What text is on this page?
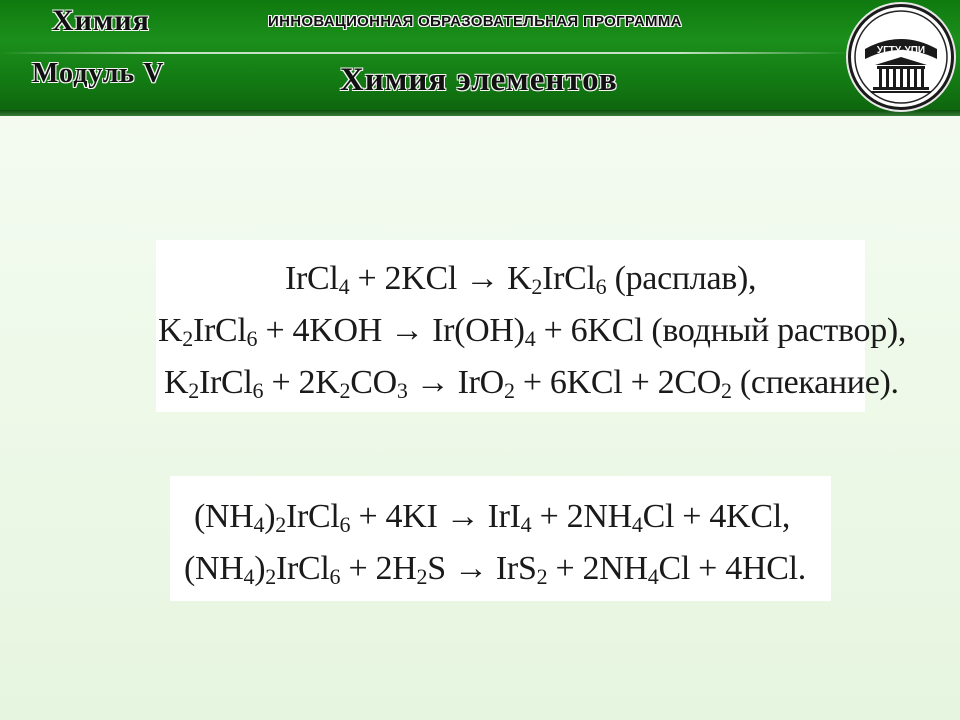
Химия	ИННОВАЦИОННАЯ ОБРАЗОВАТЕЛЬНАЯ ПРОГРАММА
Модуль V	Химия элементов
УГТУ-УПИ
IrCl$_4$ + $2KCl \to K_2IrCl_6$ (расплав),
$K_2IrCl_6 + 4KOH \to Ir(OH)_4 + 6KCl$ (водный раствор),
$K_2IrCl_6 + 2K_2CO_3 \to IrO_2 + 6KCl + 2CO_2$ (спекание).
$(NH_4)_2IrCl_6 + 4KI \to IrI_4 + 2NH_4Cl + 4KCl$,
$(NH_4)_2IrCl_6 + 2H_2S \to IrS_2 + 2NH_4Cl + 4HCl$.
